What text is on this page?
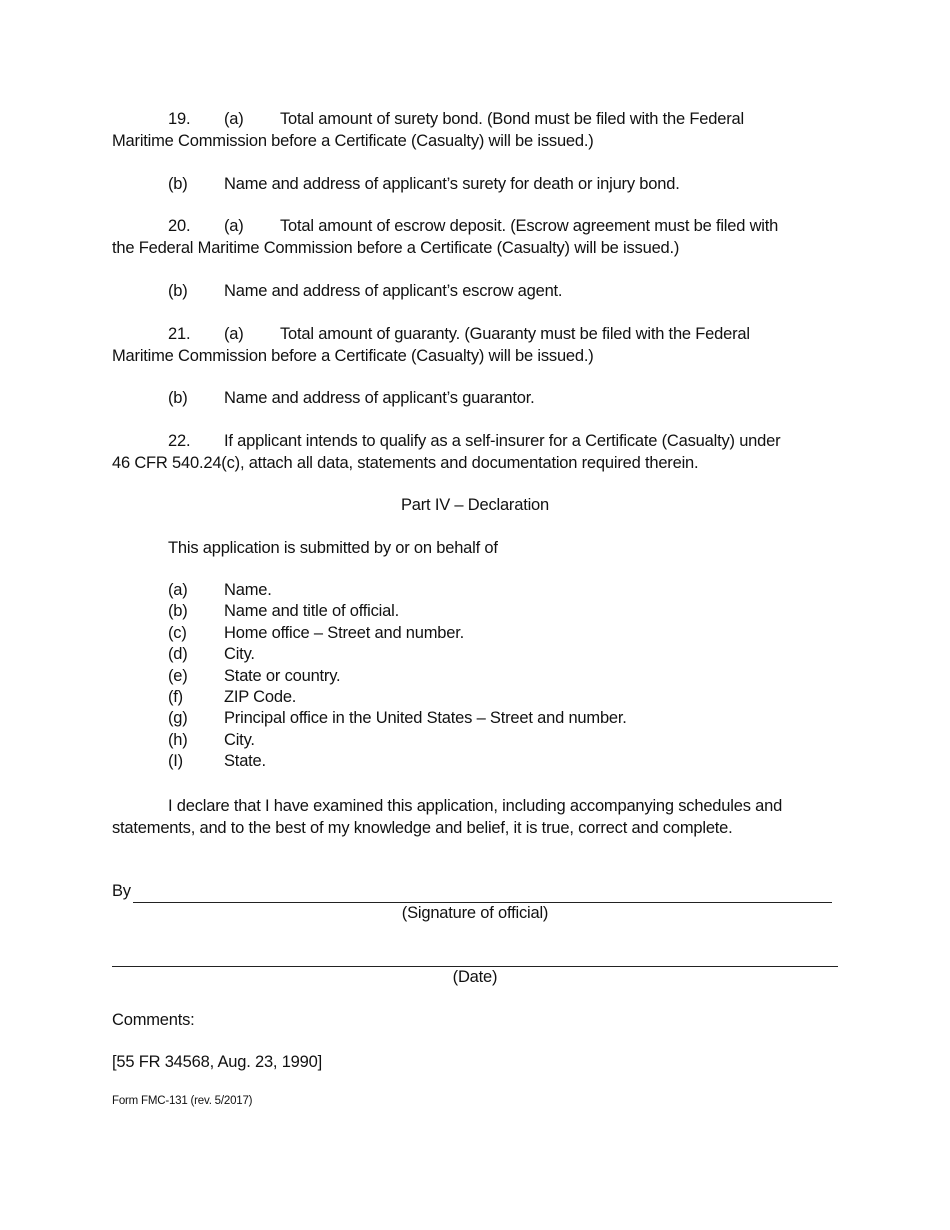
19. (a) Total amount of surety bond. (Bond must be filed with the Federal
Maritime Commission before a Certificate (Casualty) will be issued.)
(b) Name and address of applicant’s surety for death or injury bond.
20. (a) Total amount of escrow deposit. (Escrow agreement must be filed with
the Federal Maritime Commission before a Certificate (Casualty) will be issued.)
(b) Name and address of applicant’s escrow agent.
21. (a) Total amount of guaranty. (Guaranty must be filed with the Federal
Maritime Commission before a Certificate (Casualty) will be issued.)
(b) Name and address of applicant’s guarantor.
22. If applicant intends to qualify as a self-insurer for a Certificate (Casualty) under
46 CFR 540.24(c), attach all data, statements and documentation required therein.
Part IV – Declaration
This application is submitted by or on behalf of
(a) Name.
(b) Name and title of official.
(c) Home office – Street and number.
(d) City.
(e) State or country.
(f) ZIP Code.
(g) Principal office in the United States – Street and number.
(h) City.
(I) State.
I declare that I have examined this application, including accompanying schedules and
statements, and to the best of my knowledge and belief, it is true, correct and complete.
By
(Signature of official)
(Date)
Comments:
[55 FR 34568, Aug. 23, 1990]
Form FMC-131 (rev. 5/2017)
